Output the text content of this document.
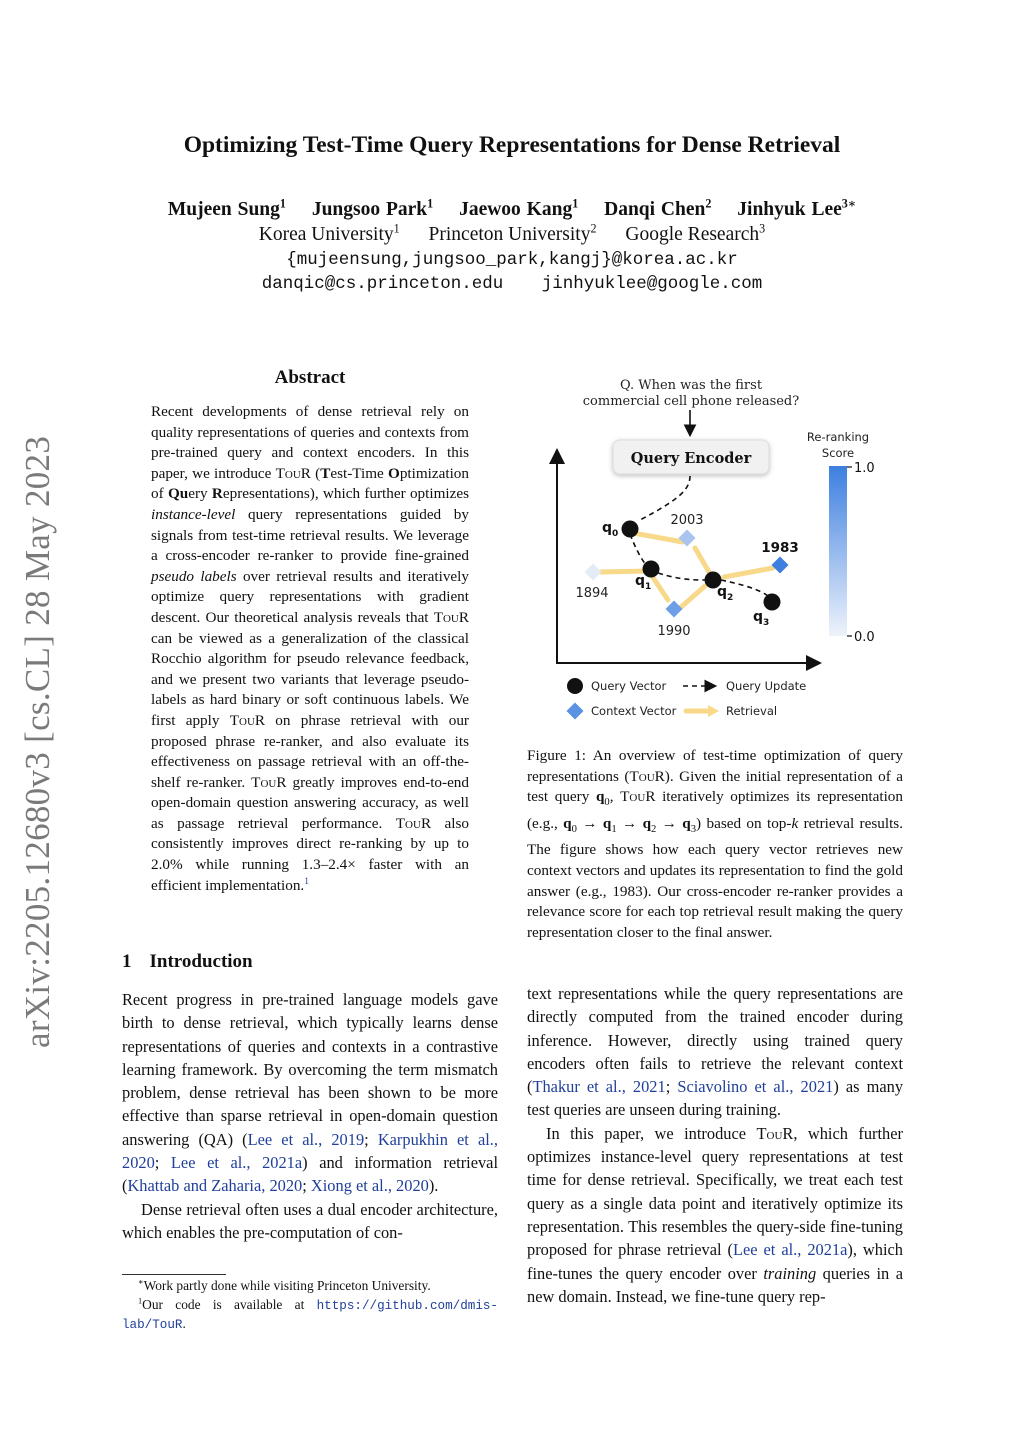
Optimizing Test-Time Query Representations for Dense Retrieval
Mujeen Sung$^1$ Jungsoo Park$^1$ Jaewoo Kang$^1$ Danqi Chen$^2$ Jinhyuk Lee$^{3∗}$
Korea University$^1$ Princeton University$^2$ Google Research$^3$
{mujeensung,jungsoo_park,kangj}@korea.ac.kr
danqic@cs.princeton.edu jinhyuklee@google.com
arXiv:2205.12680v3 [cs.CL] 28 May 2023
Abstract
Recent developments of dense retrieval rely on quality representations of queries and contexts from pre-trained query and context encoders. In this paper, we introduce TouR (Test-Time Optimization of Query Representations), which further optimizes instance-level query representations guided by signals from test-time retrieval results. We leverage a cross-encoder re-ranker to provide fine-grained pseudo labels over retrieval results and iteratively optimize query representations with gradient descent. Our theoretical analysis reveals that TouR can be viewed as a generalization of the classical Rocchio algorithm for pseudo relevance feedback, and we present two variants that leverage pseudo-labels as hard binary or soft continuous labels. We first apply TouR on phrase retrieval with our proposed phrase re-ranker, and also evaluate its effectiveness on passage retrieval with an off-the-shelf re-ranker. TouR greatly improves end-to-end open-domain question answering accuracy, as well as passage retrieval performance. TouR also consistently improves direct re-ranking by up to 2.0% while running 1.3–2.4× faster with an efficient implementation.$^1$
1 Introduction

Recent progress in pre-trained language models gave birth to dense retrieval, which typically learns dense representations of queries and contexts in a contrastive learning framework. By overcoming the term mismatch problem, dense retrieval has been shown to be more effective than sparse retrieval in open-domain question answering (QA) (Lee et al., 2019; Karpukhin et al., 2020; Lee et al., 2021a) and information retrieval (Khattab and Zaharia, 2020; Xiong et al., 2020).

Dense retrieval often uses a dual encoder architecture, which enables the pre-computation of con-

∗Work partly done while visiting Princeton University.

$^1$Our code is available at https://github.com/dmis-lab/TouR.

Q. When was the first
commercial cell phone released?
Query Encoder
2003
1983
1894
1990
$q_0$
$q_1$	$q_2$
$q_3$
Re-ranking
Score
1.0
0.0
Query Vector	Query Update
Context Vector	Retrieval
Figure 1: An overview of test-time optimization of query representations (TouR). Given the initial representation of a test query $q_0$, TouR iteratively optimizes its representation (e.g., $q_0 \to q_1 \to q_2 \to q_3$) based on top-k retrieval results. The figure shows how each query vector retrieves new context vectors and updates its representation to find the gold answer (e.g., 1983). Our cross-encoder re-ranker provides a relevance score for each top retrieval result making the query representation closer to the final answer.

text representations while the query representations are directly computed from the trained encoder during inference. However, directly using trained query encoders often fails to retrieve the relevant context (Thakur et al., 2021; Sciavolino et al., 2021) as many test queries are unseen during training.

In this paper, we introduce TouR, which further optimizes instance-level query representations at test time for dense retrieval. Specifically, we treat each test query as a single data point and iteratively optimize its representation. This resembles the query-side fine-tuning proposed for phrase retrieval (Lee et al., 2021a), which fine-tunes the query encoder over training queries in a new domain. Instead, we fine-tune query rep-
